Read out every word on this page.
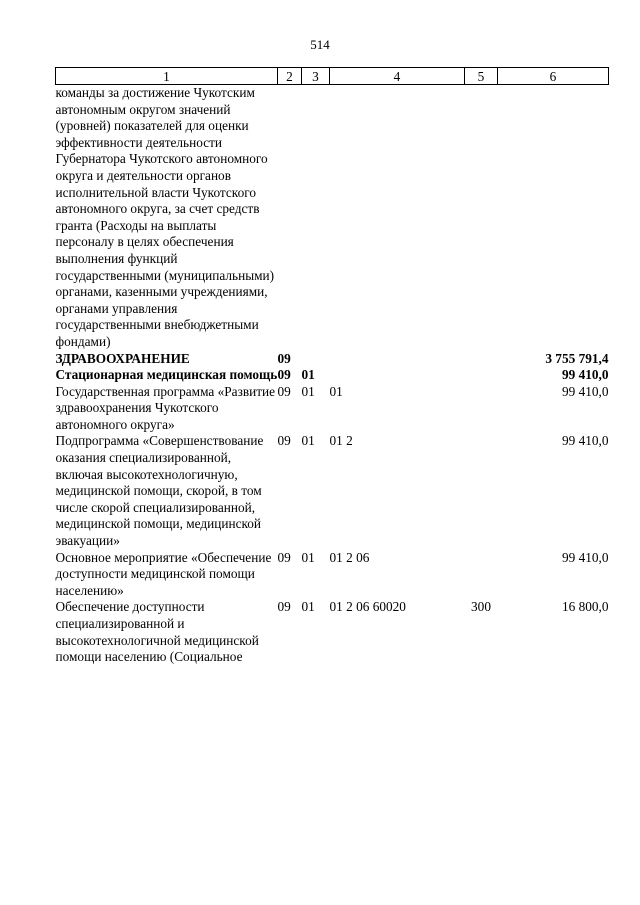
514
1	2	3	4	5	6
команды за достижение Чукотским автономным округом значений (уровней) показателей для оценки эффективности деятельности Губернатора Чукотского автономного округа и деятельности органов исполнительной власти Чукотского автономного округа, за счет средств гранта (Расходы на выплаты персоналу в целях обеспечения выполнения функций государственными (муниципальными) органами, казенными учреждениями, органами управления государственными внебюджетными фондами)					
ЗДРАВООХРАНЕНИЕ	09				3 755 791,4
Стационарная медицинская помощь	09	01			99 410,0
Государственная программа «Развитие здравоохранения Чукотского автономного округа»	09	01	01		99 410,0
Подпрограмма «Совершенствование оказания специализированной, включая высокотехнологичную, медицинской помощи, скорой, в том числе скорой специализированной, медицинской помощи, медицинской эвакуации»	09	01	01 2		99 410,0
Основное мероприятие «Обеспечение доступности медицинской помощи населению»	09	01	01 2 06		99 410,0
Обеспечение доступности специализированной и высокотехнологичной медицинской помощи населению (Социальное	09	01	01 2 06 60020	300	16 800,0
